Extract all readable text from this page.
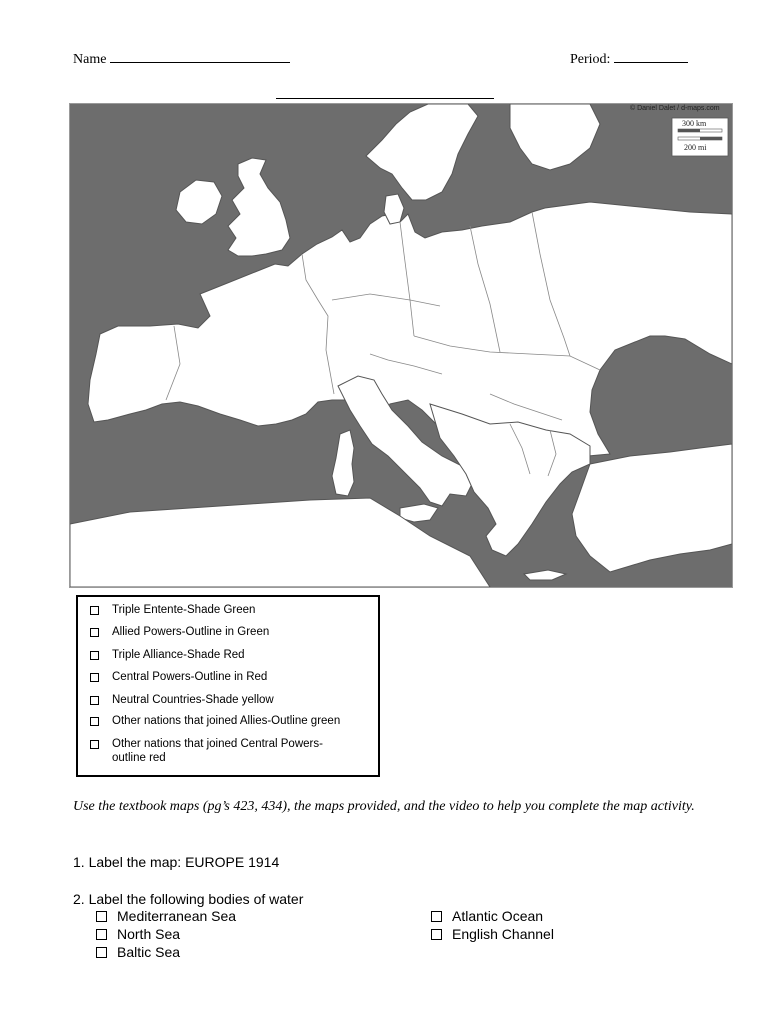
Name	Period:
© Daniel Dalet / d-maps.com
300 km
200 mi
Triple Entente-Shade Green
Allied Powers-Outline in Green
Triple Alliance-Shade Red
Central Powers-Outline in Red
Neutral Countries-Shade yellow
Other nations that joined Allies-Outline green
Other nations that joined Central Powers-outline red
Use the textbook maps (pg’s 423, 434), the maps provided, and the video to help you complete the map activity.
1. Label the map: EUROPE 1914
2. Label the following bodies of water
Mediterranean Sea
North Sea
Baltic Sea
Atlantic Ocean
English Channel
